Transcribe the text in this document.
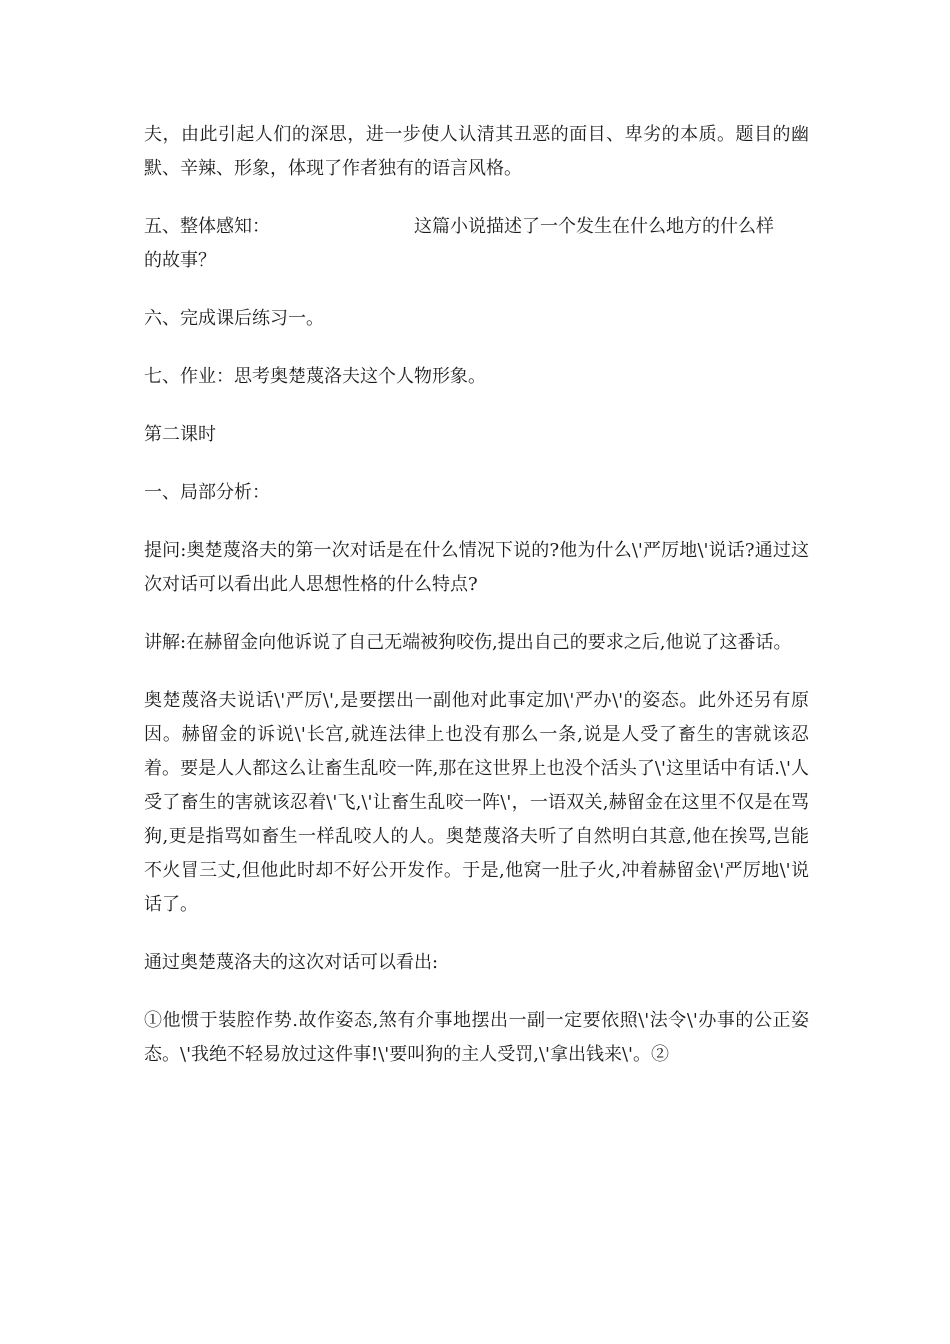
夫，由此引起人们的深思，进一步使人认清其丑恶的面目、卑劣的本质。题目的幽默、辛辣、形象，体现了作者独有的语言风格。

五、整体感知：	这篇小说描述了一个发生在什么地方的什么样
的故事？

六、完成课后练习一。

七、作业：思考奥楚蔑洛夫这个人物形象。

第二课时

一、局部分析：

提问:奥楚蔑洛夫的第一次对话是在什么情况下说的?他为什么\'严厉地\'说话?通过这次对话可以看出此人思想性格的什么特点?

讲解:在赫留金向他诉说了自己无端被狗咬伤,提出自己的要求之后,他说了这番话。

奥楚蔑洛夫说话\'严厉\',是要摆出一副他对此事定加\'严办\'的姿态。此外还另有原因。赫留金的诉说\'长宫,就连法律上也没有那么一条,说是人受了畜生的害就该忍着。要是人人都这么让畜生乱咬一阵,那在这世界上也没个活头了\'这里话中有话.\'人受了畜生的害就该忍着\'飞,\'让畜生乱咬一阵\'，一语双关,赫留金在这里不仅是在骂狗,更是指骂如畜生一样乱咬人的人。奥楚蔑洛夫听了自然明白其意,他在挨骂,岂能不火冒三丈,但他此时却不好公开发作。于是,他窝一肚子火,冲着赫留金\'严厉地\'说话了。

通过奥楚蔑洛夫的这次对话可以看出:

①他惯于装腔作势.故作姿态,煞有介事地摆出一副一定要依照\'法令\'办事的公正姿态。\'我绝不轻易放过这件事!\'要叫狗的主人受罚,\'拿出钱来\'。②
